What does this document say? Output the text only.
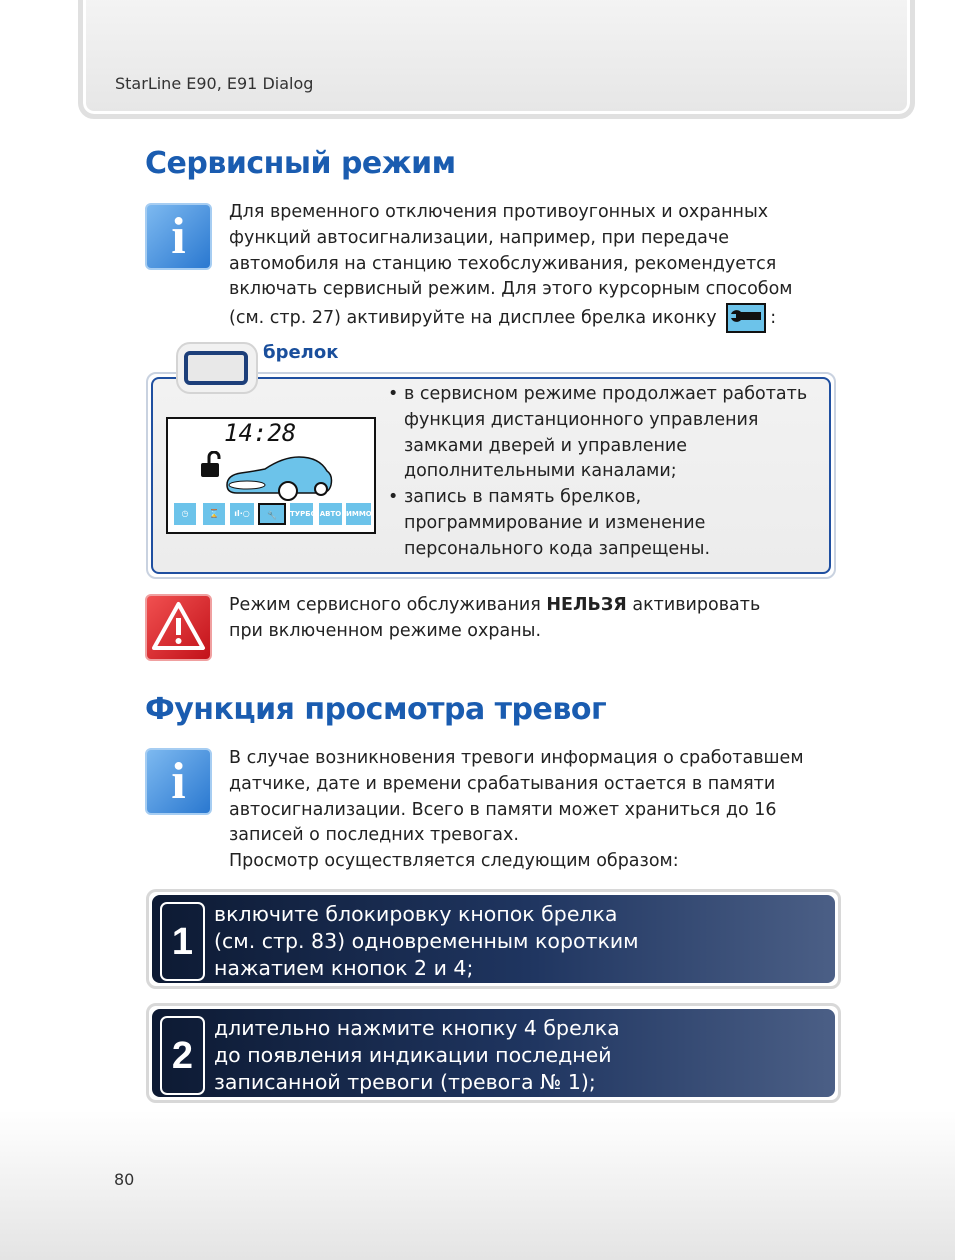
StarLine E90, E91 Dialog
Сервисный режим
i	Для временного отключения противоугонных и охранных
функций автосигнализации, например, при передаче
автомобиля на станцию техобслуживания, рекомендуется
включать сервисный режим. Для этого курсорным способом
(см. стр. 27) активируйте на дисплее брелка иконку	:
брелок
14:28
◷	⌛	ıl·○	🔧	ТУРБО АВТО ИММО
• в сервисном режиме продолжает работать функция дистанционного управления замками дверей и управление дополнительными каналами;
• запись в память брелков, программирование и изменение персонального кода запрещены.
Режим сервисного обслуживания НЕЛЬЗЯ активировать
при включенном режиме охраны.
Функция просмотра тревог
i	В случае возникновения тревоги информация о сработавшем
датчике, дате и времени срабатывания остается в памяти
автосигнализации. Всего в памяти может храниться до 16
записей о последних тревогах.
Просмотр осуществляется следующим образом:
1
включите блокировку кнопок брелка
(см. стр. 83) одновременным коротким
нажатием кнопок 2 и 4;
2
длительно нажмите кнопку 4 брелка
до появления индикации последней
записанной тревоги (тревога № 1);
80
